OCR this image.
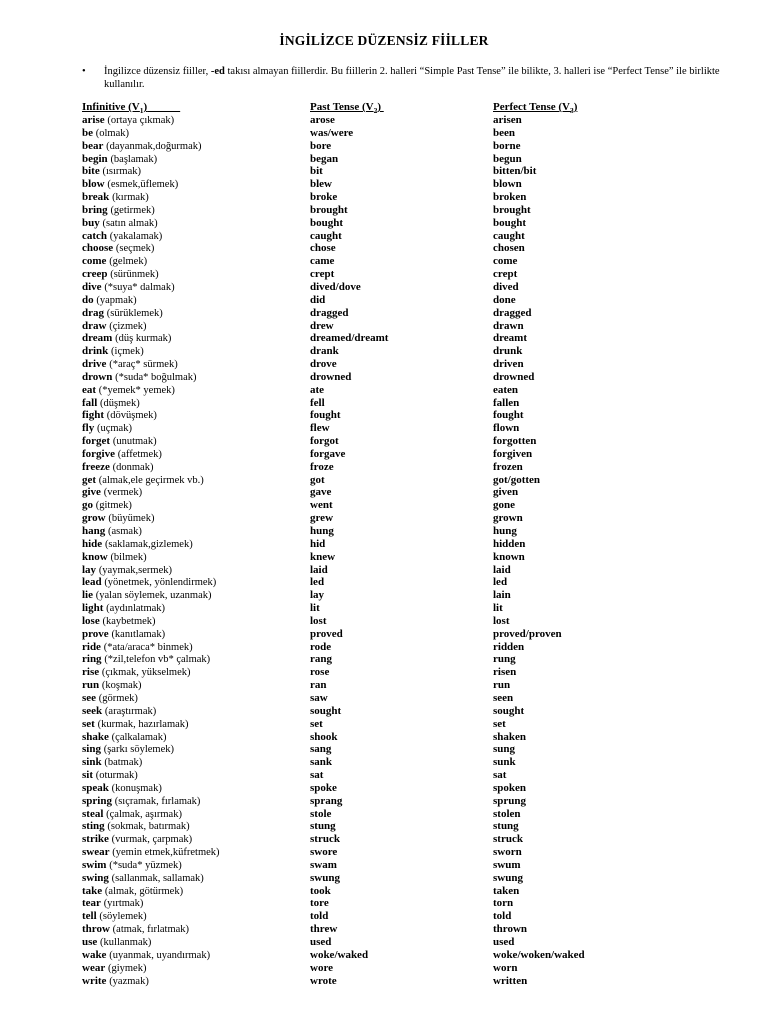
İNGİLİZCE DÜZENSİZ FİİLLER
• İngilizce düzensiz fiiller, -ed takısı almayan fiillerdir. Bu fiillerin 2. halleri “Simple Past Tense” ile bilikte, 3. halleri ise “Perfect Tense” ile birlikte kullanılır.
Infinitive $(V_1)$
arise (ortaya çıkmak)
be (olmak)
bear (dayanmak,doğurmak)
begin (başlamak)
bite (ısırmak)
blow (esmek,üflemek)
break (kırmak)
bring (getirmek)
buy (satın almak)
catch (yakalamak)
choose (seçmek)
come (gelmek)
creep (sürünmek)
dive (*suya* dalmak)
do (yapmak)
drag (sürüklemek)
draw (çizmek)
dream (düş kurmak)
drink (içmek)
drive (*araç* sürmek)
drown (*suda* boğulmak)
eat (*yemek* yemek)
fall (düşmek)
fight (dövüşmek)
fly (uçmak)
forget (unutmak)
forgive (affetmek)
freeze (donmak)
get (almak,ele geçirmek vb.)
give (vermek)
go (gitmek)
grow (büyümek)
hang (asmak)
hide (saklamak,gizlemek)
know (bilmek)
lay (yaymak,sermek)
lead (yönetmek, yönlendirmek)
lie (yalan söylemek, uzanmak)
light (aydınlatmak)
lose (kaybetmek)
prove (kanıtlamak)
ride (*ata/araca* binmek)
ring (*zil,telefon vb* çalmak)
rise (çıkmak, yükselmek)
run (koşmak)
see (görmek)
seek (araştırmak)
set (kurmak, hazırlamak)
shake (çalkalamak)
sing (şarkı söylemek)
sink (batmak)
sit (oturmak)
speak (konuşmak)
spring (sıçramak, fırlamak)
steal (çalmak, aşırmak)
sting (sokmak, batırmak)
strike (vurmak, çarpmak)
swear (yemin etmek,küfretmek)
swim (*suda* yüzmek)
swing (sallanmak, sallamak)
take (almak, götürmek)
tear (yırtmak)
tell (söylemek)
throw (atmak, fırlatmak)
use (kullanmak)
wake (uyanmak, uyandırmak)
wear (giymek)
write (yazmak)
Past Tense $(V_2)$
arose
was/were
bore
began
bit
blew
broke
brought
bought
caught
chose
came
crept
dived/dove
did
dragged
drew
dreamed/dreamt
drank
drove
drowned
ate
fell
fought
flew
forgot
forgave
froze
got
gave
went
grew
hung
hid
knew
laid
led
lay
lit
lost
proved
rode
rang
rose
ran
saw
sought
set
shook
sang
sank
sat
spoke
sprang
stole
stung
struck
swore
swam
swung
took
tore
told
threw
used
woke/waked
wore
wrote
Perfect Tense $(V_3)$
arisen
been
borne
begun
bitten/bit
blown
broken
brought
bought
caught
chosen
come
crept
dived
done
dragged
drawn
dreamt
drunk
driven
drowned
eaten
fallen
fought
flown
forgotten
forgiven
frozen
got/gotten
given
gone
grown
hung
hidden
known
laid
led
lain
lit
lost
proved/proven
ridden
rung
risen
run
seen
sought
set
shaken
sung
sunk
sat
spoken
sprung
stolen
stung
struck
sworn
swum
swung
taken
torn
told
thrown
used
woke/woken/waked
worn
written
